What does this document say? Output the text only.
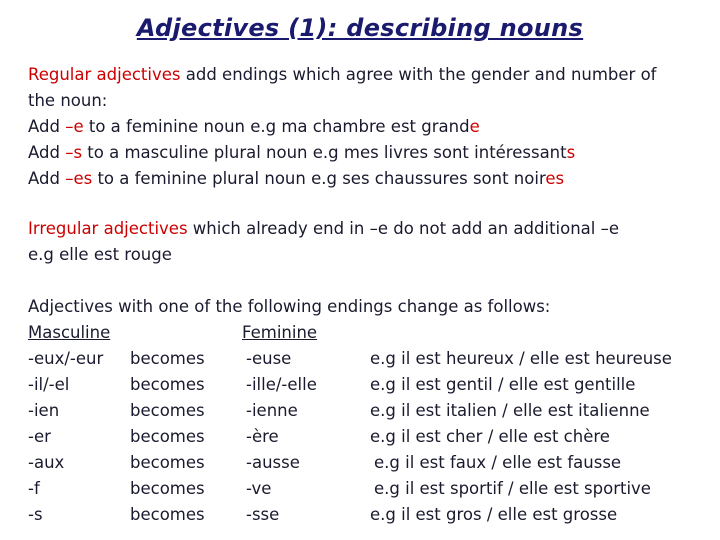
Adjectives (1): describing nouns
Regular adjectives add endings which agree with the gender and number of
the noun:
Add –e to a feminine noun e.g ma chambre est grande
Add –s to a masculine plural noun e.g mes livres sont intéressants
Add –es to a feminine plural noun e.g ses chaussures sont noires
Irregular adjectives which already end in –e do not add an additional –e
e.g elle est rouge
Adjectives with one of the following endings change as follows:
Masculine	Feminine
-eux/-eur becomes	-euse	e.g il est heureux / elle est heureuse
-il/-el	becomes	-ille/-elle	e.g il est gentil / elle est gentille
-ien	becomes	-ienne	e.g il est italien / elle est italienne
-er	becomes	-ère	e.g il est cher / elle est chère
-aux	becomes	-ausse	e.g il est faux / elle est fausse
-f	becomes	-ve	e.g il est sportif / elle est sportive
-s	becomes	-sse	e.g il est gros / elle est grosse
